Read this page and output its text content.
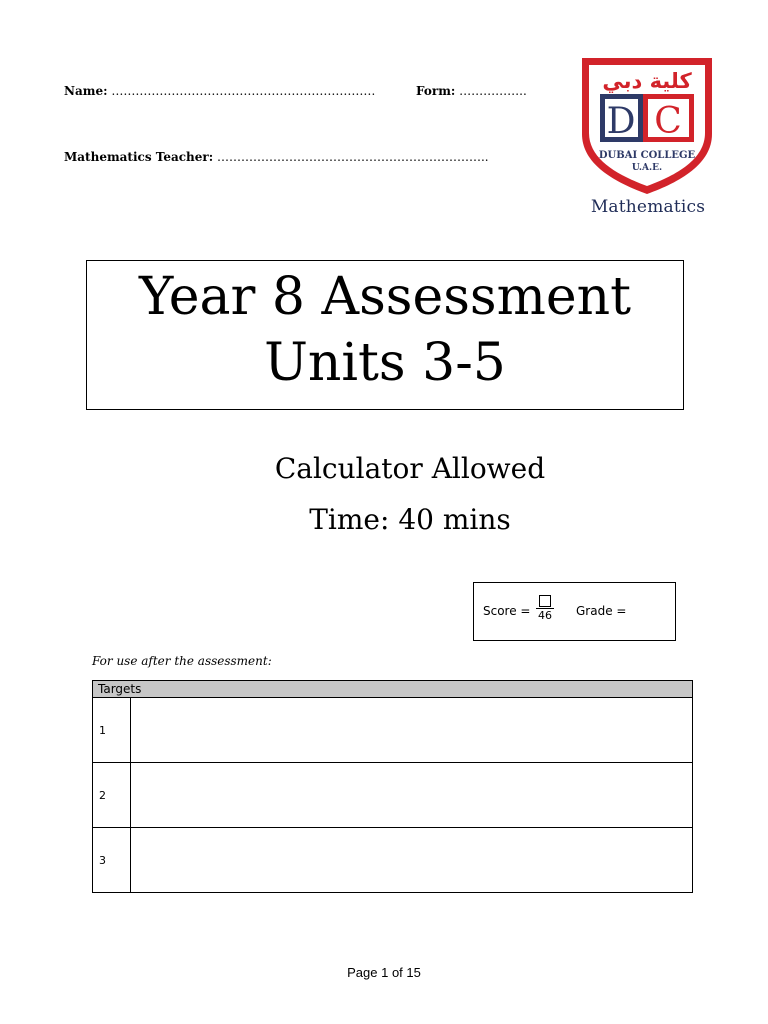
Name: …………………………………………………………	Form: ……………..
Mathematics Teacher: …………………………………………………………..
كلية دبي
D C
DUBAI COLLEGE
U.A.E.
Mathematics
Year 8 Assessment
Units 3-5
Calculator Allowed
Time: 40 mins
Score = 46 Grade =
For use after the assessment:
Targets	
1	
2	
3	
Page 1 of 15
